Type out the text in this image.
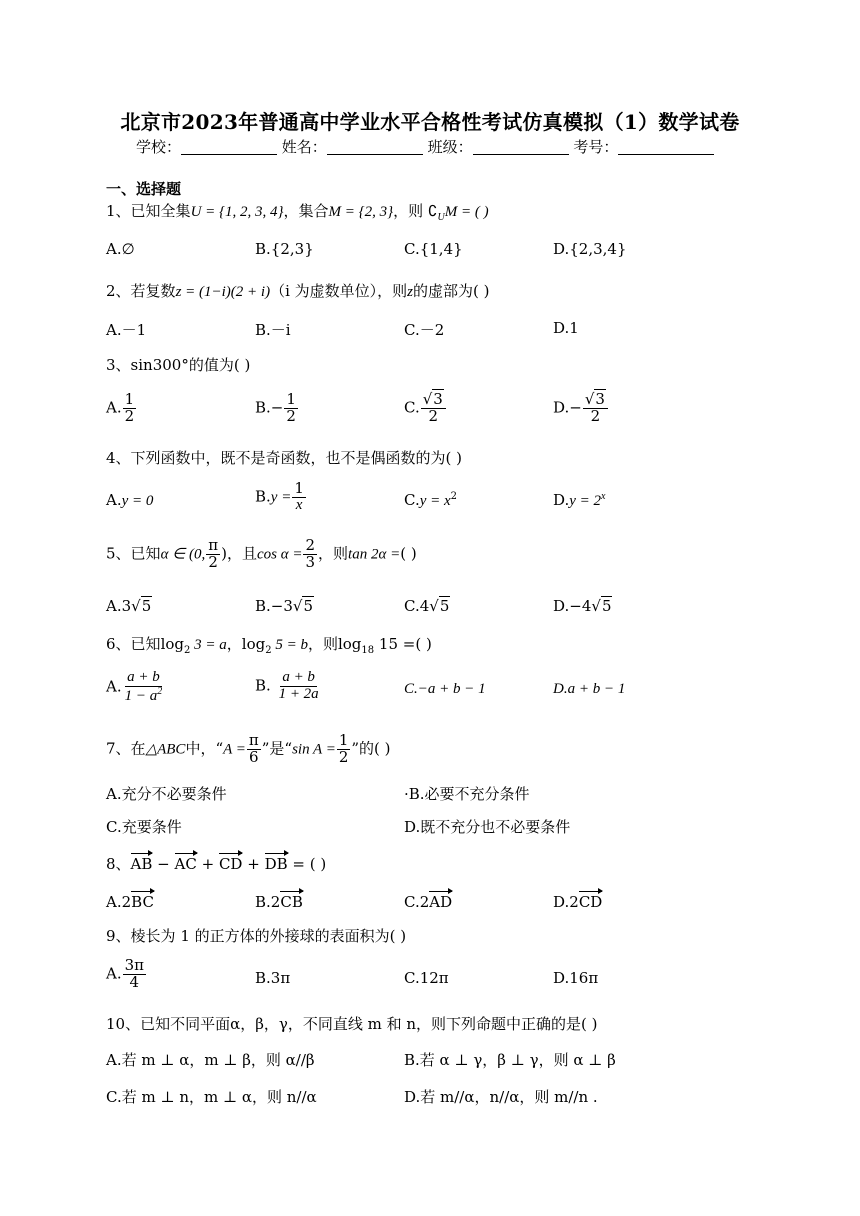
北京市2023年普通高中学业水平合格性考试仿真模拟（1）数学试卷
学校：	姓名：	班级：	考号：
一、选择题
1、已知全集U = {1, 2, 3, 4}，集合M = {2, 3}，则 $∁_UM$ = ( )
A.∅	B.{2,3}	C.{1,4}	D.{2,3,4}
2、若复数z = (1−i)(2 + i)（i 为虚数单位），则z的虚部为( )
A.－1	B.－i	C.－2	D.1
3、sin300°的值为( )
A. $\frac{1}{2}$	$B.- \frac{1}{2}$	C. $\frac{√3}{2}$	$D.- \frac{√3}{2}$
4、下列函数中，既不是奇函数，也不是偶函数的为( )
A.y = 0	$B.y = \frac{1}{x}$	$C.y = x^2$	$D.y = 2^x$
5、已知α ∈ (0, $\frac{\pi}{2}$ )，且$\cos \alpha = \frac{2}{3}$ ，则tan 2α =( )
A.3√5	B.−3√5	C.4√5	D.−4√5
6、已知$\log_2 3 = a$，$\log_2 5 = b$，则$\log_{18} 15$ =( )
A. $\frac{a + b}{1 - a^2}$	B. $\frac{a + b}{1 + 2a}$	C.−a + b − 1	D.a + b − 1
7、在△ABC中，“$A = \frac{\pi}{6}$ ”是“sin $A = \frac{1}{2}$ ”的( )
A.充分不必要条件	·B.必要不充分条件
C.充要条件	D.既不充分也不必要条件
8、AB − AC + CD + DB = ( )
A.2BC	B.2CB	C.2AD	D.2CD
9、棱长为 1 的正方体的外接球的表面积为( )
A. $\frac{3\pi}{4}$	B.3π	C.12π	D.16π
10、已知不同平面α，β，γ，不同直线 m 和 n，则下列命题中正确的是( )
A.若 m ⊥ α，m ⊥ β，则 α//β	B.若 α ⊥ γ，β ⊥ γ，则 α ⊥ β
C.若 m ⊥ n，m ⊥ α，则 n//α	D.若 m//α，n//α，则 m//n .
